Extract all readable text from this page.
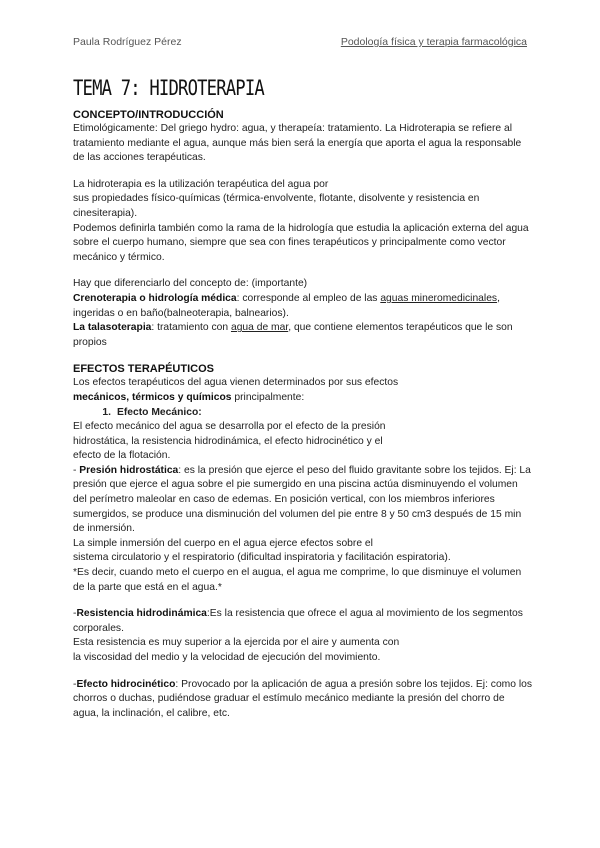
Paula Rodríguez Pérez	Podología física y terapia farmacológica
TEMA 7: HIDROTERAPIA
CONCEPTO/INTRODUCCIÓN

Etimológicamente: Del griego hydro: agua, y therapeía: tratamiento. La Hidroterapia se refiere al tratamiento mediante el agua, aunque más bien será la energía que aporta el agua la responsable de las acciones terapéuticas.

La hidroterapia es la utilización terapéutica del agua por
sus propiedades físico-químicas (térmica-envolvente, flotante, disolvente y resistencia en cinesiterapia).

Podemos definirla también como la rama de la hidrología que estudia la aplicación externa del agua sobre el cuerpo humano, siempre que sea con fines terapéuticos y principalmente como vector mecánico y térmico.

Hay que diferenciarlo del concepto de: (importante)

Crenoterapia o hidrología médica: corresponde al empleo de las aguas mineromedicinales, ingeridas o en baño(balneoterapia, balnearios).

La talasoterapia: tratamiento con agua de mar, que contiene elementos terapéuticos que le son propios

EFECTOS TERAPÉUTICOS

Los efectos terapéuticos del agua vienen determinados por sus efectos
mecánicos, térmicos y químicos principalmente:

1. Efecto Mecánico:

El efecto mecánico del agua se desarrolla por el efecto de la presión
hidrostática, la resistencia hidrodinámica, el efecto hidrocinético y el
efecto de la flotación.

- Presión hidrostática: es la presión que ejerce el peso del fluido gravitante sobre los tejidos. Ej: La presión que ejerce el agua sobre el pie sumergido en una piscina actúa disminuyendo el volumen del perímetro maleolar en caso de edemas. En posición vertical, con los miembros inferiores sumergidos, se produce una disminución del volumen del pie entre 8 y 50 cm3 después de 15 min de inmersión.

La simple inmersión del cuerpo en el agua ejerce efectos sobre el
sistema circulatorio y el respiratorio (dificultad inspiratoria y facilitación espiratoria).

*Es decir, cuando meto el cuerpo en el augua, el agua me comprime, lo que disminuye el volumen de la parte que está en el agua.*

-Resistencia hidrodinámica:Es la resistencia que ofrece el agua al movimiento de los segmentos corporales.

Esta resistencia es muy superior a la ejercida por el aire y aumenta con
la viscosidad del medio y la velocidad de ejecución del movimiento.

-Efecto hidrocinético: Provocado por la aplicación de agua a presión sobre los tejidos. Ej: como los chorros o duchas, pudiéndose graduar el estímulo mecánico mediante la presión del chorro de agua, la inclinación, el calibre, etc.
